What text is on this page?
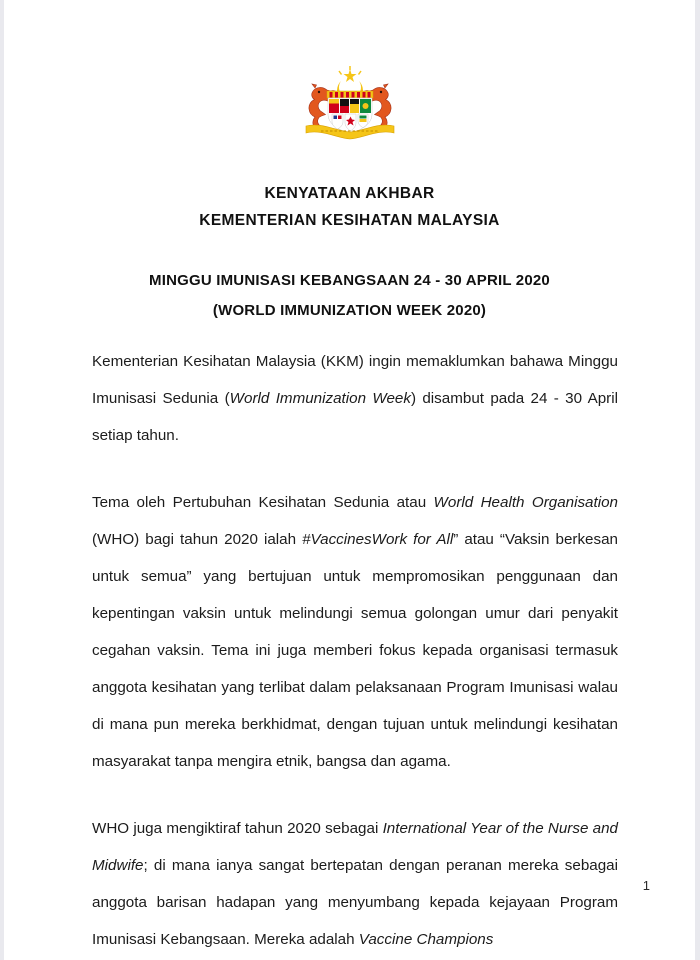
KENYATAAN AKHBAR
KEMENTERIAN KESIHATAN MALAYSIA
MINGGU IMUNISASI KEBANGSAAN 24 - 30 APRIL 2020
(WORLD IMMUNIZATION WEEK 2020)

Kementerian Kesihatan Malaysia (KKM) ingin memaklumkan bahawa Minggu Imunisasi Sedunia (World Immunization Week) disambut pada 24 - 30 April setiap tahun.

Tema oleh Pertubuhan Kesihatan Sedunia atau World Health Organisation (WHO) bagi tahun 2020 ialah #VaccinesWork for All” atau “Vaksin berkesan untuk semua” yang bertujuan untuk mempromosikan penggunaan dan kepentingan vaksin untuk melindungi semua golongan umur dari penyakit cegahan vaksin. Tema ini juga memberi fokus kepada organisasi termasuk anggota kesihatan yang terlibat dalam pelaksanaan Program Imunisasi walau di mana pun mereka berkhidmat, dengan tujuan untuk melindungi kesihatan masyarakat tanpa mengira etnik, bangsa dan agama.

WHO juga mengiktiraf tahun 2020 sebagai International Year of the Nurse and Midwife; di mana ianya sangat bertepatan dengan peranan mereka sebagai anggota barisan hadapan yang menyumbang kepada kejayaan Program Imunisasi Kebangsaan. Mereka adalah Vaccine Champions

1
